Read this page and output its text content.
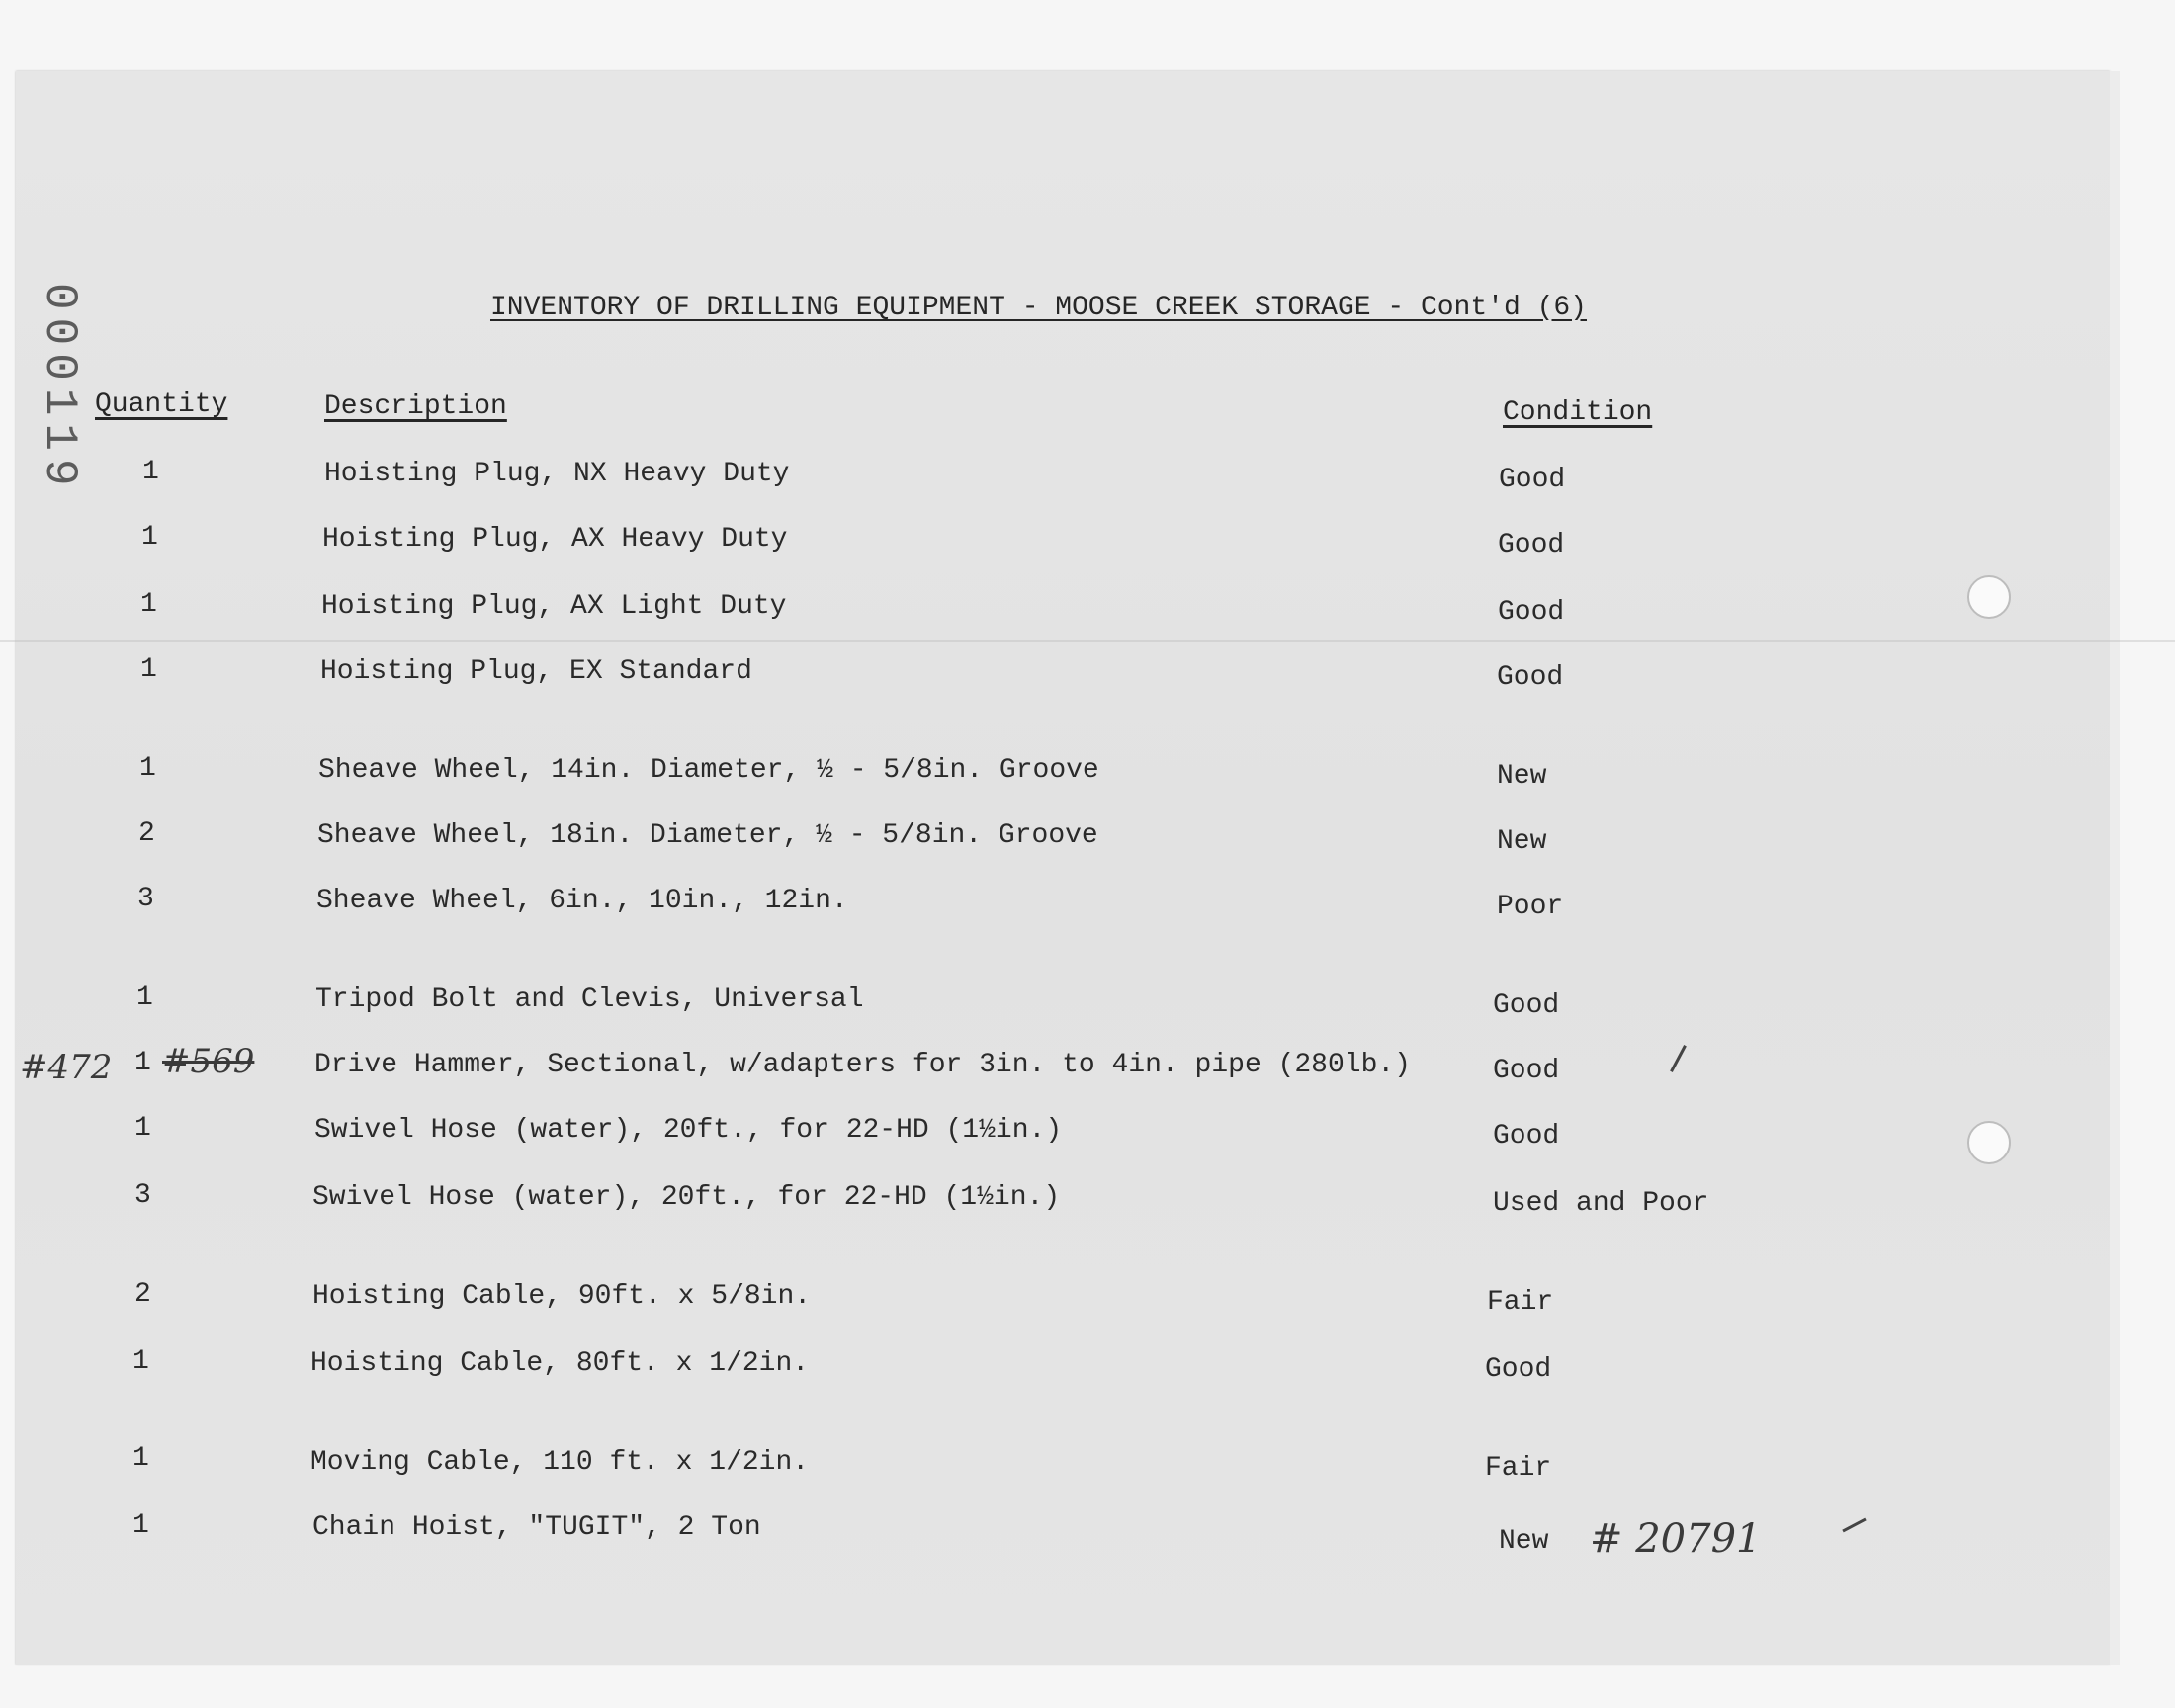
000119	INVENTORY OF DRILLING EQUIPMENT - MOOSE CREEK STORAGE - Cont'd (6)
Quantity	Description	Condition
1	Hoisting Plug, NX Heavy Duty	Good
1	Hoisting Plug, AX Heavy Duty	Good
1	Hoisting Plug, AX Light Duty	Good
1	Hoisting Plug, EX Standard	Good
1	Sheave Wheel, 14in. Diameter, ½ - 5/8in. Groove	New
2	Sheave Wheel, 18in. Diameter, ½ - 5/8in. Groove	New
3	Sheave Wheel, 6in., 10in., 12in.	Poor
1	Tripod Bolt and Clevis, Universal	Good
1	Drive Hammer, Sectional, w/adapters for 3in. to 4in. pipe (280lb.)	Good
1	Swivel Hose (water), 20ft., for 22-HD (1½in.)	Good
3	Swivel Hose (water), 20ft., for 22-HD (1½in.)	Used and Poor
2	Hoisting Cable, 90ft. x 5/8in.	Fair
1	Hoisting Cable, 80ft. x 1/2in.	Good
1	Moving Cable, 110 ft. x 1/2in.	Fair
1	Chain Hoist, "TUGIT", 2 Ton	New
#472 #569
# 20791
